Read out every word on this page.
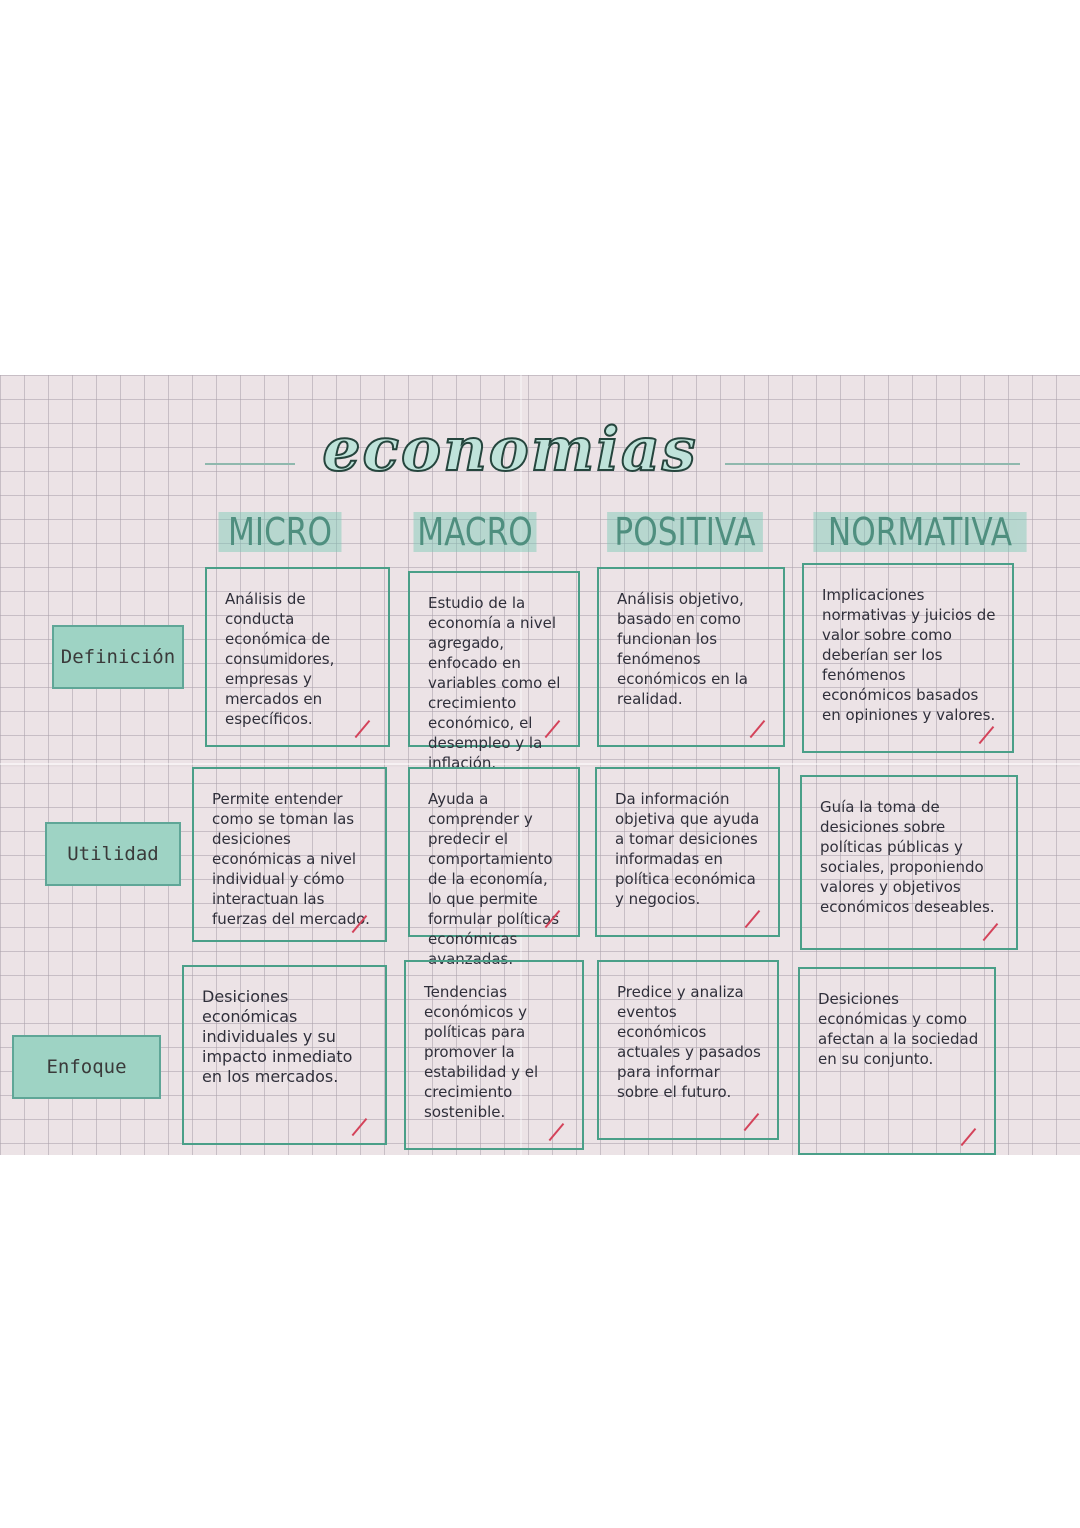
economias
MICRO MACRO POSITIVA	NORMATIVA
Definición
Utilidad
Enfoque
Análisis de conducta económica de consumidores, empresas y mercados en específicos.
Estudio de la economía a nivel agregado, enfocado en variables como el crecimiento económico, el desempleo y la inflación.
Análisis objetivo, basado en como funcionan los fenómenos económicos en la realidad.
Implicaciones normativas y juicios de valor sobre como deberían ser los fenómenos económicos basados en opiniones y valores.
Permite entender como se toman las desiciones económicas a nivel individual y cómo interactuan las fuerzas del mercado.
Ayuda a comprender y predecir el comportamiento de la economía, lo que permite formular políticas económicas avanzadas.
Da información objetiva que ayuda a tomar desiciones informadas en política económica y negocios.
Guía la toma de desiciones sobre políticas públicas y sociales, proponiendo valores y objetivos económicos deseables.
Desiciones económicas individuales y su impacto inmediato en los mercados.
Tendencias económicos y políticas para promover la estabilidad y el crecimiento sostenible.
Predice y analiza eventos económicos actuales y pasados para informar sobre el futuro.
Desiciones económicas y como afectan a la sociedad en su conjunto.
